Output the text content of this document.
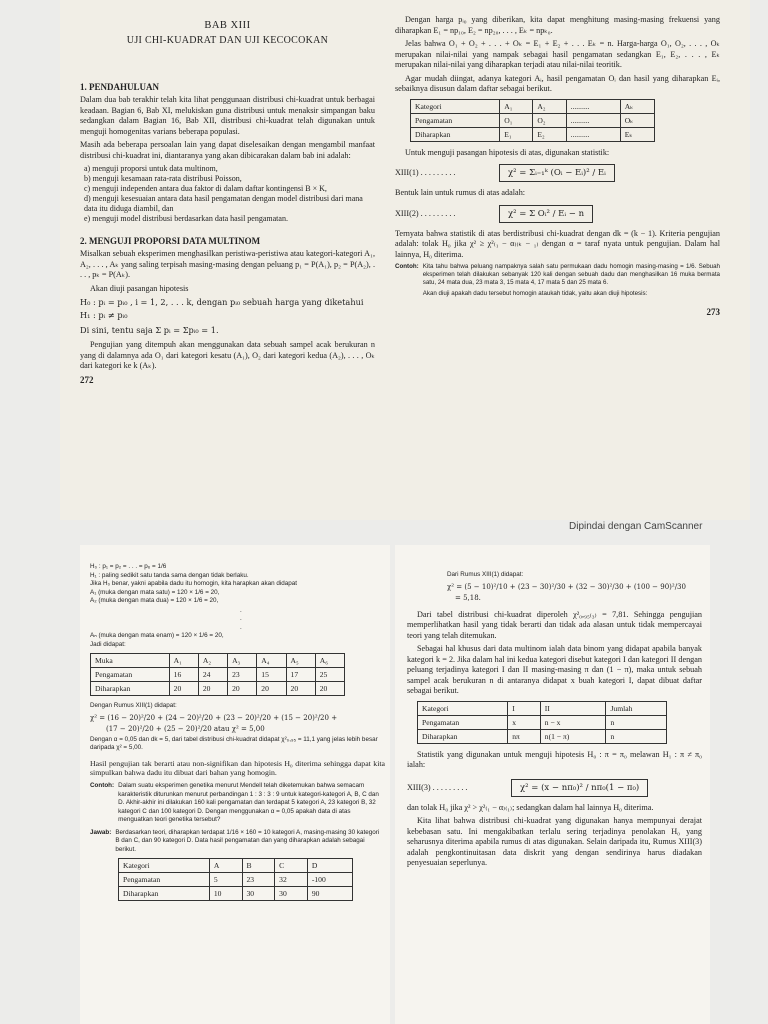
BAB XIII
UJI CHI-KUADRAT DAN UJI KECOCOKAN
1. PENDAHULUAN

Dalam dua bab terakhir telah kita lihat penggunaan distribusi chi-kuadrat untuk berbagai keadaan. Bagian 6, Bab XI, melukiskan guna distribusi untuk menaksir simpangan baku sedangkan dalam Bagian 16, Bab XII, distribusi chi-kuadrat telah digunakan untuk menguji homogenitas varians beberapa populasi.

Masih ada beberapa persoalan lain yang dapat diselesaikan dengan mengambil manfaat distribusi chi-kuadrat ini, diantaranya yang akan dibicarakan dalam bab ini adalah:

a) menguji proporsi untuk data multinom,
b) menguji kesamaan rata-rata distribusi Poisson,
c) menguji independen antara dua faktor di dalam daftar kontingensi B × K,
d) menguji kesesuaian antara data hasil pengamatan dengan model distribusi dari mana data itu diduga diambil, dan
e) menguji model distribusi berdasarkan data hasil pengamatan.
2. MENGUJI PROPORSI DATA MULTINOM

Misalkan sebuah eksperimen menghasilkan peristiwa-peristiwa atau kategori-kategori A₁, A₂, . . . , Aₖ yang saling terpisah masing-masing dengan peluang p₁ = P(A₁), p₂ = P(A₂), . . . , pₖ = P(Aₖ).

Akan diuji pasangan hipotesis

H₀ : pᵢ = pᵢ₀ , i = 1, 2, . . . k, dengan pᵢ₀ sebuah harga yang diketahui
H₁ : pᵢ ≠ pᵢ₀
Di sini, tentu saja Σ pᵢ = Σpᵢ₀ = 1.

Pengujian yang ditempuh akan menggunakan data sebuah sampel acak berukuran n yang di dalamnya ada O₁ dari kategori kesatu (A₁), O₂ dari kategori kedua (A₂), . . . , Oₖ dari kategori ke k (Aₖ).

272

Dengan harga pᵢ₀ yang diberikan, kita dapat menghitung masing-masing frekuensi yang diharapkan E₁ = np₁₀, E₂ = np₂₀, . . . , Eₖ = npₖ₀.

Jelas bahwa O₁ + O₂ + . . . + Oₖ = E₁ + E₂ + . . . Eₖ = n. Harga-harga O₁, O₂, . . . , Oₖ merupakan nilai-nilai yang nampak sebagai hasil pengamatan sedangkan E₁, E₂, . . . , Eₖ merupakan nilai-nilai yang diharapkan terjadi atau nilai-nilai teoritik.

Agar mudah diingat, adanya kategori Aᵢ, hasil pengamatan Oᵢ dan hasil yang diharapkan Eᵢ, sebaiknya disusun dalam daftar sebagai berikut.

Kategori	A₁	A₂	..........	Aₖ
Pengamatan	O₁	O₂	..........	Oₖ
Diharapkan	E₁	E₂	..........	Eₖ

Untuk menguji pasangan hipotesis di atas, digunakan statistik:

XIII(1) . . . . . . . . .	χ² = Σᵢ₌₁ᵏ (Oᵢ − Eᵢ)² / Eᵢ

Bentuk lain untuk rumus di atas adalah:

XIII(2) . . . . . . . . .	χ² = Σ Oᵢ² / Eᵢ − n

Ternyata bahwa statistik di atas berdistribusi chi-kuadrat dengan dk = (k − 1). Kriteria pengujian adalah: tolak H₀ jika χ² ≥ χ²₍₁ − α₎₍ₖ − ₁₎ dengan α = taraf nyata untuk pengujian. Dalam hal lainnya, H₀ diterima.

Contoh: Kita tahu bahwa peluang nampaknya salah satu permukaan dadu homogin masing-masing = 1/6. Sebuah eksperimen telah dilakukan sebanyak 120 kali dengan sebuah dadu dan menghasilkan 16 muka bermata satu, 24 mata dua, 23 mata 3, 15 mata 4, 17 mata 5 dan 25 mata 6.

Akan diuji apakah dadu tersebut homogin ataukah tidak, yaitu akan diuji hipotesis:

273
Dipindai dengan CamScanner
H₀ : p₁ = p₂ = . . . = p₆ = 1/6
H₁ : paling sedikit satu tanda sama dengan tidak berlaku.
Jika H₀ benar, yakni apabila dadu itu homogin, kita harapkan akan didapat
A₁ (muka dengan mata satu) = 120 × 1/6 = 20,
A₂ (muka dengan mata dua) = 120 × 1/6 = 20,
.
.
.
Aₙ (muka dengan mata enam) = 120 × 1/6 = 20,
Jadi didapat:
Muka	A₁	A₂	A₃	A₄	A₅	A₆
Pengamatan	16	24	23	15	17	25
Diharapkan	20	20	20	20	20	20
Dengan Rumus XIII(1) didapat:
χ² = (16 − 20)²/20 + (24 − 20)²/20 + (23 − 20)²/20 + (15 − 20)²/20 +
(17 − 20)²/20 + (25 − 20)²/20 atau χ² = 5,00
Dengan α = 0,05 dan dk = 5, dari tabel distribusi chi-kuadrat didapat χ²₀,₉₅ = 11,1 yang jelas lebih besar daripada χ² = 5,00.

Hasil pengujian tak berarti atau non-signifikan dan hipotesis H₀ diterima sehingga dapat kita simpulkan bahwa dadu itu dibuat dari bahan yang homogin.

Contoh: Dalam suatu eksperimen genetika menurut Mendell telah diketemukan bahwa semacam karakteristik diturunkan menurut perbandingan 1 : 3 : 3 : 9 untuk kategori-kategori A, B, C dan D. Akhir-akhir ini dilakukan 160 kali pengamatan dan terdapat 5 kategori A, 23 kategori B, 32 kategori C dan 100 kategori D. Dengan menggunakan α = 0,05 apakah data di atas menguatkan teori genetika tersebut?
Jawab: Berdasarkan teori, diharapkan terdapat 1/16 × 160 = 10 kategori A, masing-masing 30 kategori B dan C, dan 90 kategori D. Data hasil pengamatan dan yang diharapkan adalah sebagai berikut.
Kategori	A	B	C	D
Pengamatan	5	23	32	-100
Diharapkan	10	30	30	90
Dari Rumus XIII(1) didapat:
χ² = (5 − 10)²/10 + (23 − 30)²/30 + (32 − 30)²/30 + (100 − 90)²/30
= 5,18.

Dari tabel distribusi chi-kuadrat diperoleh χ²₀,₉₅₍₃₎ = 7,81. Sehingga pengujian memperlihatkan hasil yang tidak berarti dan tidak ada alasan untuk tidak mempercayai teori yang telah ditemukan.

Sebagai hal khusus dari data multinom ialah data binom yang didapat apabila banyak kategori k = 2. Jika dalam hal ini kedua kategori disebut kategori I dan kategori II dengan peluang terjadinya kategori I dan II masing-masing π dan (1 − π), maka untuk sebuah sampel acak berukuran n di antaranya didapat x buah kategori I, dapat dibuat daftar sebagai berikut.

Kategori	I	II	Jumlah
Pengamatan	x	n − x	n
Diharapkan	nπ	n(1 − π)	n

Statistik yang digunakan untuk menguji hipotesis H₀ : π = π₀ melawan H₁ : π ≠ π₀ ialah:

XIII(3) . . . . . . . . .	χ² = (x − nπ₀)² / nπ₀(1 − π₀)

dan tolak H₀ jika χ² > χ²₍₁ − α₎₍₁₎; sedangkan dalam hal lainnya H₀ diterima.

Kita lihat bahwa distribusi chi-kuadrat yang digunakan hanya mempunyai derajat kebebasan satu. Ini mengakibatkan terlalu sering terjadinya penolakan H₀ yang seharusnya diterima apabila rumus di atas digunakan. Selain daripada itu, Rumus XIII(3) adalah pengkontinuitasan data diskrit yang dengan sendirinya harus diadakan penyesuaian seperlunya.
